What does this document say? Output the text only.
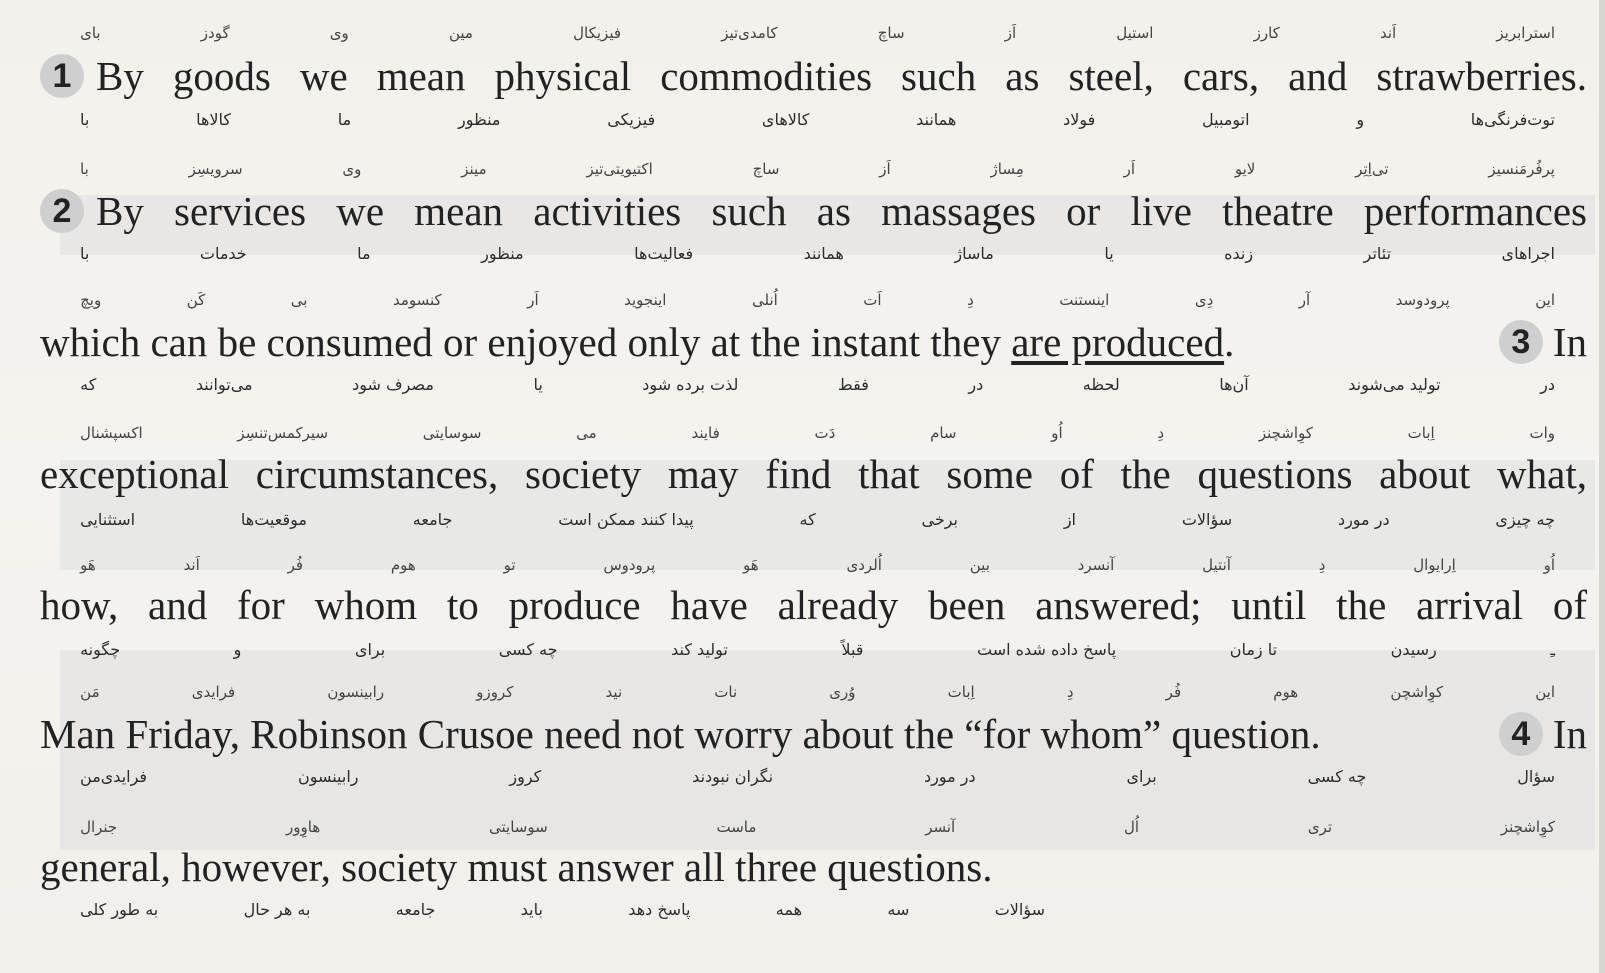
استرابریز
اَند
کارز
استیل
اَز
ساچ
کامدی‌تیز
فیزیکال
مین
وی
گودز
بای
1 By goods we mean physical commodities such as steel, cars, and strawberries.
توت‌فرنگی‌ها
و
اتومبیل
فولاد
همانند
کالاهای
فیزیکی
منظور
ما
کالاها
با
پرفُرمَنسیز
تی‌اِتِر
لایو
اَر
مِساژ
اَز
ساچ
اکتیویتی‌تیز
مینز
وی
سرویسِز
با
2 By services we mean activities such as massages or live theatre performances
اجراهای
تئاتر
زنده
یا
ماساژ
همانند
فعالیت‌ها
منظور
ما
خدمات
با
این
پرودوسد
آر
دِی
اینستنت
دِ
اَت
اُنلی
اینجوید
اَر
کنسومد
بی
کَن
ویچ
which can be consumed or enjoyed only at the instant they
are produced .	3 In
در
تولید می‌شوند
آن‌ها
لحظه
در
فقط
لذت برده شود
یا
مصرف شود
می‌توانند
که
وات
اِبات
کوِاشچنز
دِ
اُو
سام
دَت
فایند
می
سوسایتی
سیرکمس‌تنسِز
اکسپشنال
exceptional circumstances, society may find that some of the questions about what,
چه چیزی
در مورد
سؤالات
از
برخی
که
پیدا کنند ممکن است
جامعه
موقعیت‌ها
استثنایی
اُو
اِرایوال
دِ
آنتیل
آنسرد
بین
اُلردی
هَو
پرودوس
تو
هوم
فُر
اَند
هَو
how, and for whom to produce have already been answered; until the arrival of
ـِ
رسیدن
تا زمان
پاسخ داده شده است
قبلاً
تولید کند
چه کسی
برای
و
چگونه
این
کوِاشچن
هوم
فُر
دِ
اِبات
وُری
نات
نید
کروزو
رابینسون
فرایدی
مَن
Man Friday, Robinson Crusoe need not worry about the “for whom” question.	4 In
سؤال
چه کسی
برای
در مورد
نگران نبودند
کروز
رابینسون
فرایدی‌من
کوِاشچنز
تری
اُل
آنسر
ماست
سوسایتی
هاوِور
جنرال
general, however, society must answer all three questions.
سؤالات
سه
همه
پاسخ دهد
باید
جامعه
به هر حال
به طور کلی
